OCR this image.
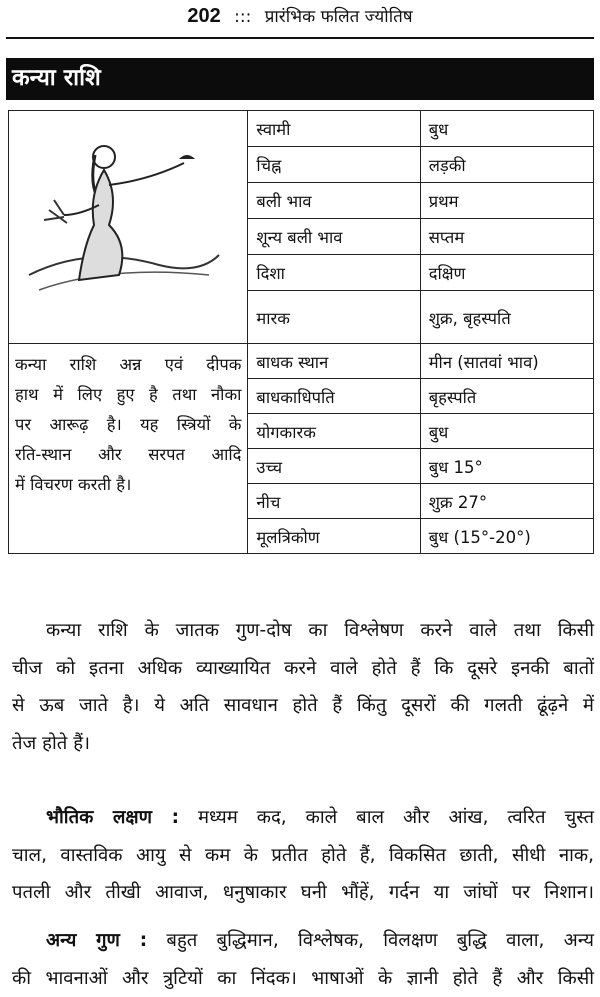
202 ::: प्रारंभिक फलित ज्योतिष
कन्या राशि
	स्वामी	बुध
	चिह्न	लड़की
	बली भाव	प्रथम
	शून्य बली भाव	सप्तम
	दिशा	दक्षिण
	मारक	शुक्र, बृहस्पति

कन्या राशि अन्न एवं दीपक
हाथ में लिए हुए है तथा नौका
पर आरूढ़ है। यह स्त्रियों के
रति-स्थान और सरपत आदि
में विचरण करती है।	बाधक स्थान	मीन (सातवां भाव)
	बाधकाधिपति	बृहस्पति
	योगकारक	बुध
	उच्च	बुध 15°
	नीच	शुक्र 27°
	मूलत्रिकोण	बुध (15°-20°)
कन्या राशि के जातक गुण-दोष का विश्लेषण करने वाले तथा किसी
चीज को इतना अधिक व्याख्यायित करने वाले होते हैं कि दूसरे इनकी बातों
से ऊब जाते है। ये अति सावधान होते हैं किंतु दूसरों की गलती ढूंढ़ने में
तेज होते हैं।
भौतिक लक्षण : मध्यम कद, काले बाल और आंख, त्वरित चुस्त
चाल, वास्तविक आयु से कम के प्रतीत होते हैं, विकसित छाती, सीधी नाक,
पतली और तीखी आवाज, धनुषाकार घनी भौंहें, गर्दन या जांघों पर निशान।
अन्य गुण : बहुत बुद्धिमान, विश्लेषक, विलक्षण बुद्धि वाला, अन्य
की भावनाओं और त्रुटियों का निंदक। भाषाओं के ज्ञानी होते हैं और किसी
